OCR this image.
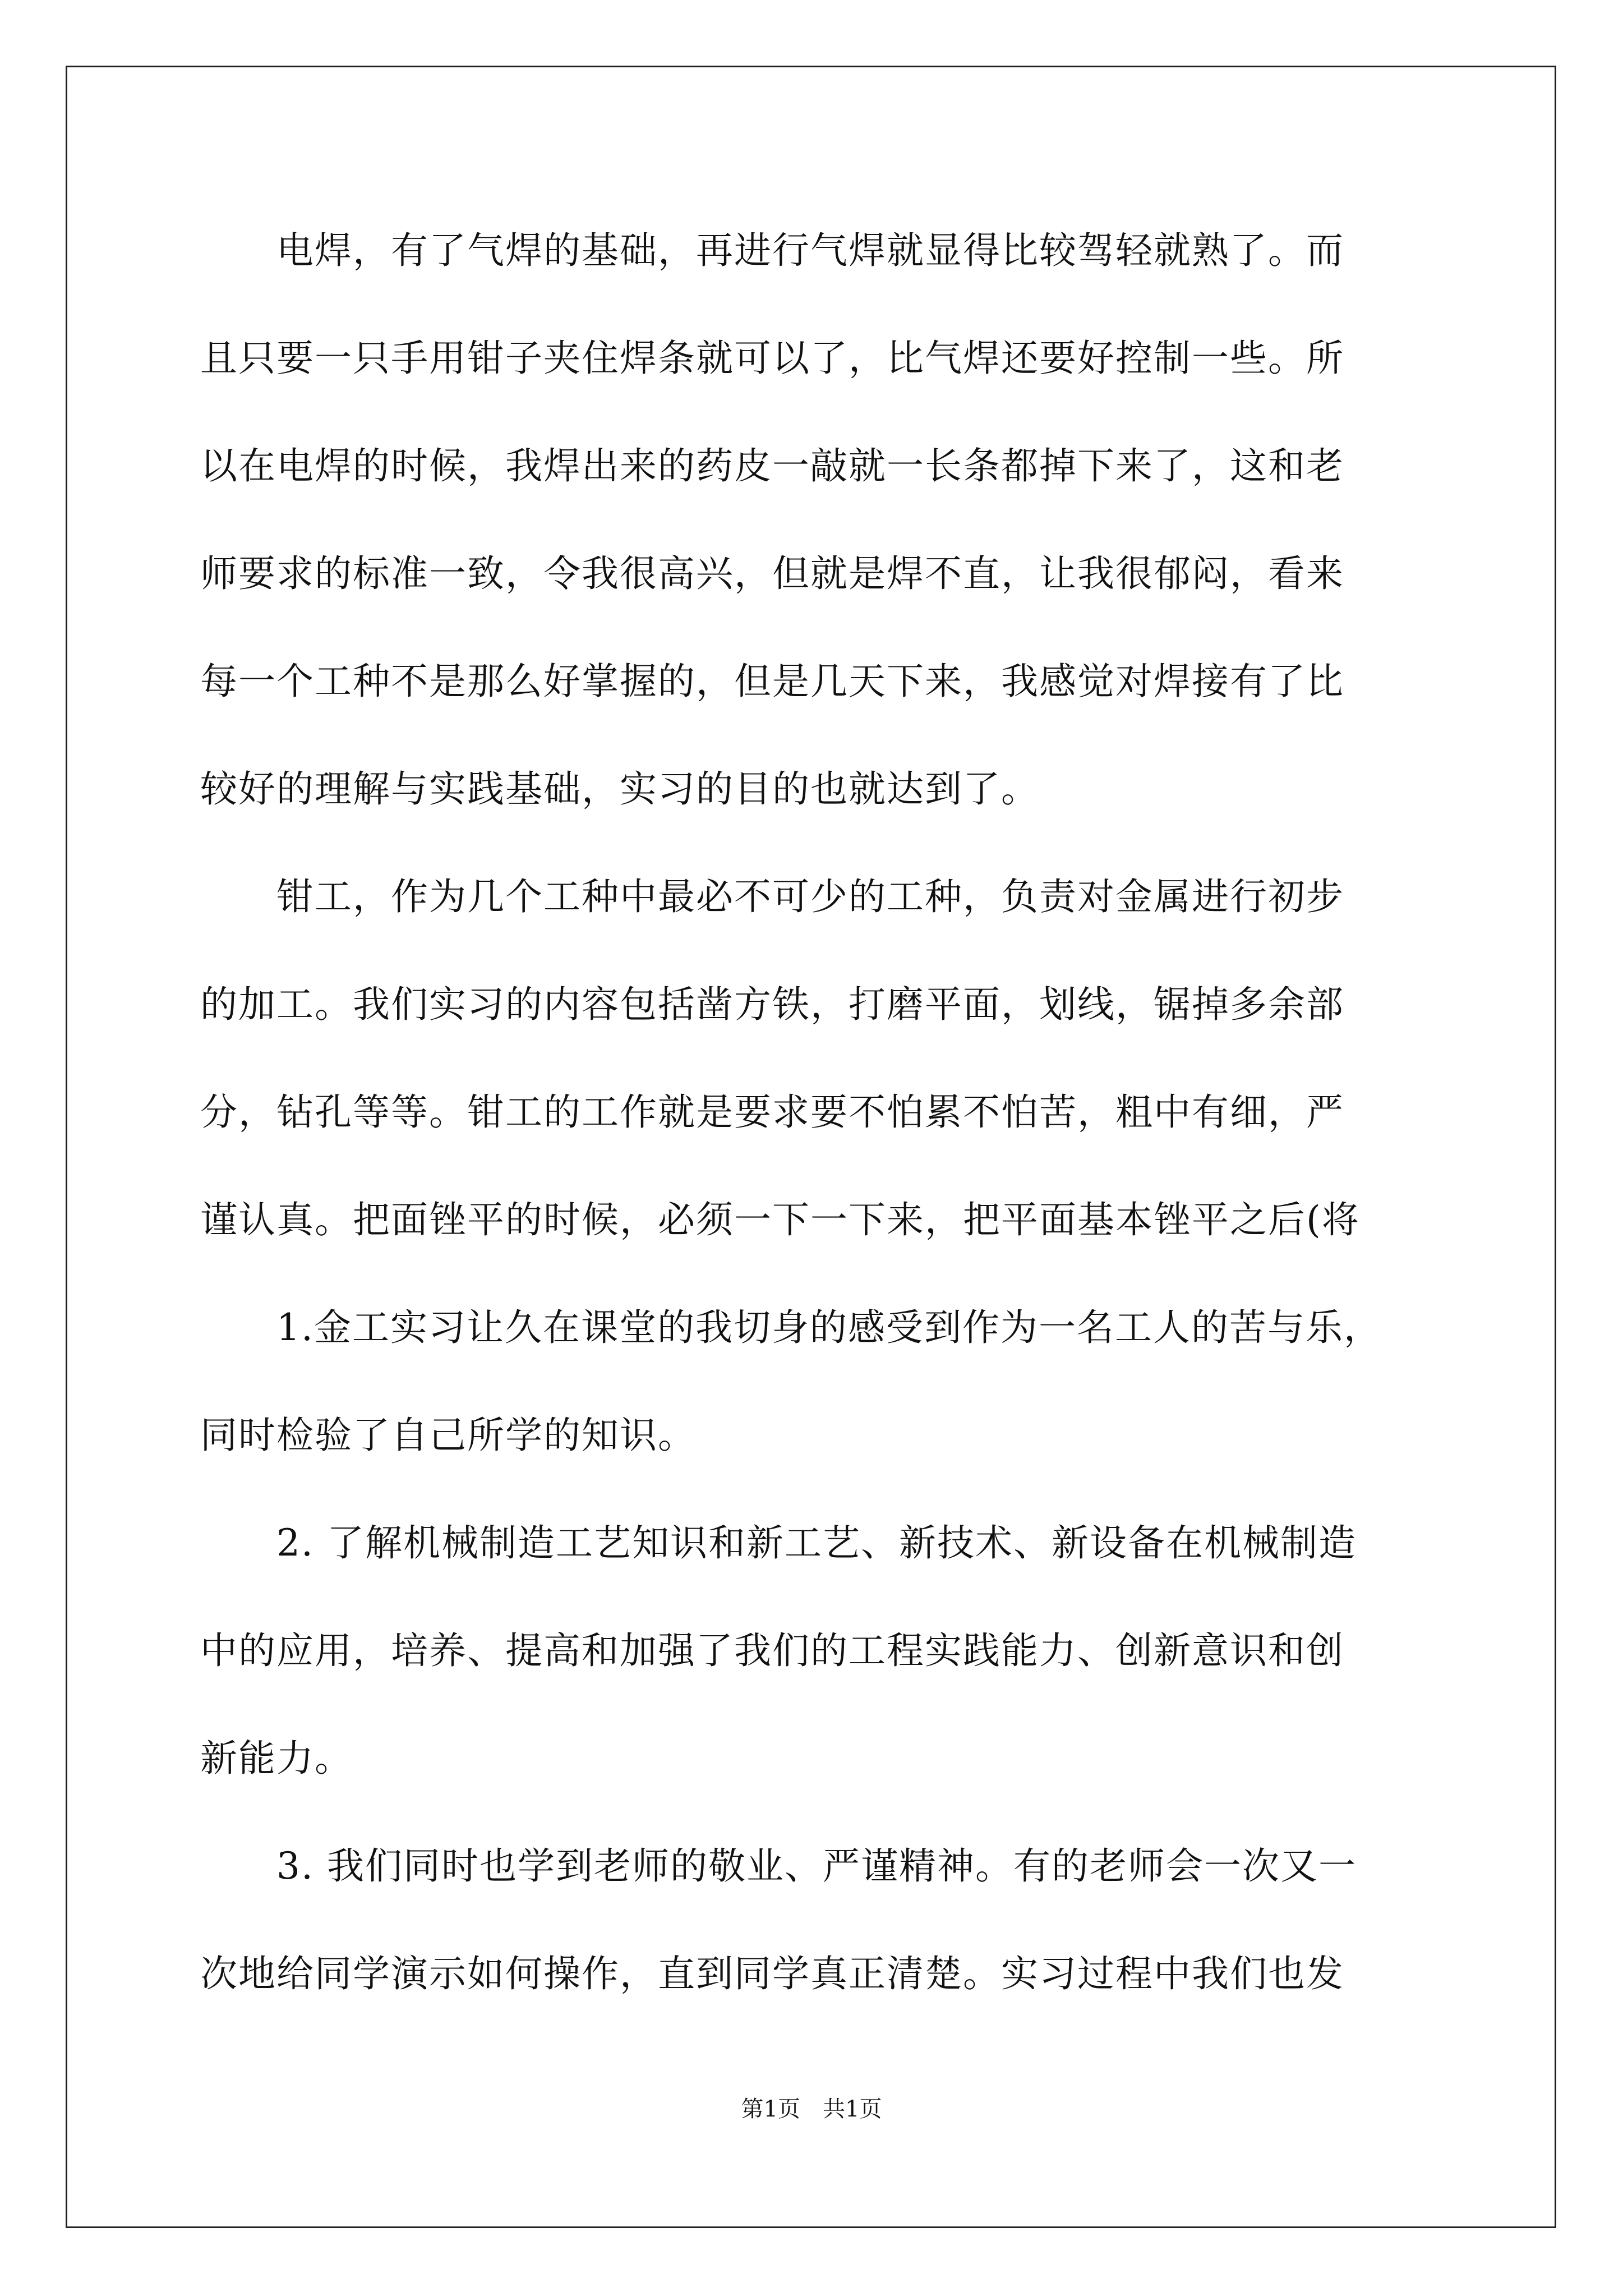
　　电焊，有了气焊的基础，再进行气焊就显得比较驾轻就熟了。而
且只要一只手用钳子夹住焊条就可以了，比气焊还要好控制一些。所
以在电焊的时候，我焊出来的药皮一敲就一长条都掉下来了，这和老
师要求的标准一致，令我很高兴，但就是焊不直，让我很郁闷，看来
每一个工种不是那么好掌握的，但是几天下来，我感觉对焊接有了比
较好的理解与实践基础，实习的目的也就达到了。
　　钳工，作为几个工种中最必不可少的工种，负责对金属进行初步
的加工。我们实习的内容包括凿方铁，打磨平面，划线，锯掉多余部
分，钻孔等等。钳工的工作就是要求要不怕累不怕苦，粗中有细，严
谨认真。把面锉平的时候，必须一下一下来，把平面基本锉平之后(将
　　1.金工实习让久在课堂的我切身的感受到作为一名工人的苦与乐，
同时检验了自己所学的知识。
　　2. 了解机械制造工艺知识和新工艺、新技术、新设备在机械制造
中的应用，培养、提高和加强了我们的工程实践能力、创新意识和创
新能力。
　　3. 我们同时也学到老师的敬业、严谨精神。有的老师会一次又一
次地给同学演示如何操作，直到同学真正清楚。实习过程中我们也发
第1页 共1页
